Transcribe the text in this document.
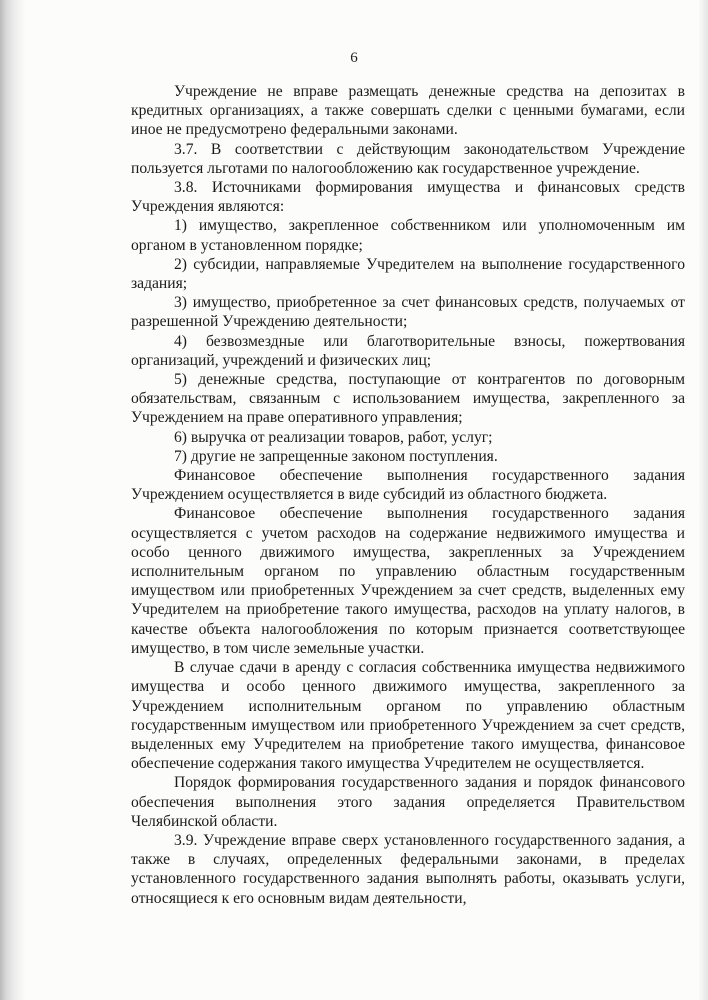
6

Учреждение не вправе размещать денежные средства на депозитах в кредитных организациях, а также совершать сделки с ценными бумагами, если иное не предусмотрено федеральными законами.

3.7. В соответствии с действующим законодательством Учреждение пользуется льготами по налогообложению как государственное учреждение.

3.8. Источниками формирования имущества и финансовых средств Учреждения являются:

1) имущество, закрепленное собственником или уполномоченным им органом в установленном порядке;

2) субсидии, направляемые Учредителем на выполнение государственного задания;

3) имущество, приобретенное за счет финансовых средств, получаемых от разрешенной Учреждению деятельности;

4) безвозмездные или благотворительные взносы, пожертвования организаций, учреждений и физических лиц;

5) денежные средства, поступающие от контрагентов по договорным обязательствам, связанным с использованием имущества, закрепленного за Учреждением на праве оперативного управления;

6) выручка от реализации товаров, работ, услуг;

7) другие не запрещенные законом поступления.

Финансовое обеспечение выполнения государственного задания Учреждением осуществляется в виде субсидий из областного бюджета.

Финансовое обеспечение выполнения государственного задания осуществляется с учетом расходов на содержание недвижимого имущества и особо ценного движимого имущества, закрепленных за Учреждением исполнительным органом по управлению областным государственным имуществом или приобретенных Учреждением за счет средств, выделенных ему Учредителем на приобретение такого имущества, расходов на уплату налогов, в качестве объекта налогообложения по которым признается соответствующее имущество, в том числе земельные участки.

В случае сдачи в аренду с согласия собственника имущества недвижимого имущества и особо ценного движимого имущества, закрепленного за Учреждением исполнительным органом по управлению областным государственным имуществом или приобретенного Учреждением за счет средств, выделенных ему Учредителем на приобретение такого имущества, финансовое обеспечение содержания такого имущества Учредителем не осуществляется.

Порядок формирования государственного задания и порядок финансового обеспечения выполнения этого задания определяется Правительством Челябинской области.

3.9. Учреждение вправе сверх установленного государственного задания, а также в случаях, определенных федеральными законами, в пределах установленного государственного задания выполнять работы, оказывать услуги, относящиеся к его основным видам деятельности,
